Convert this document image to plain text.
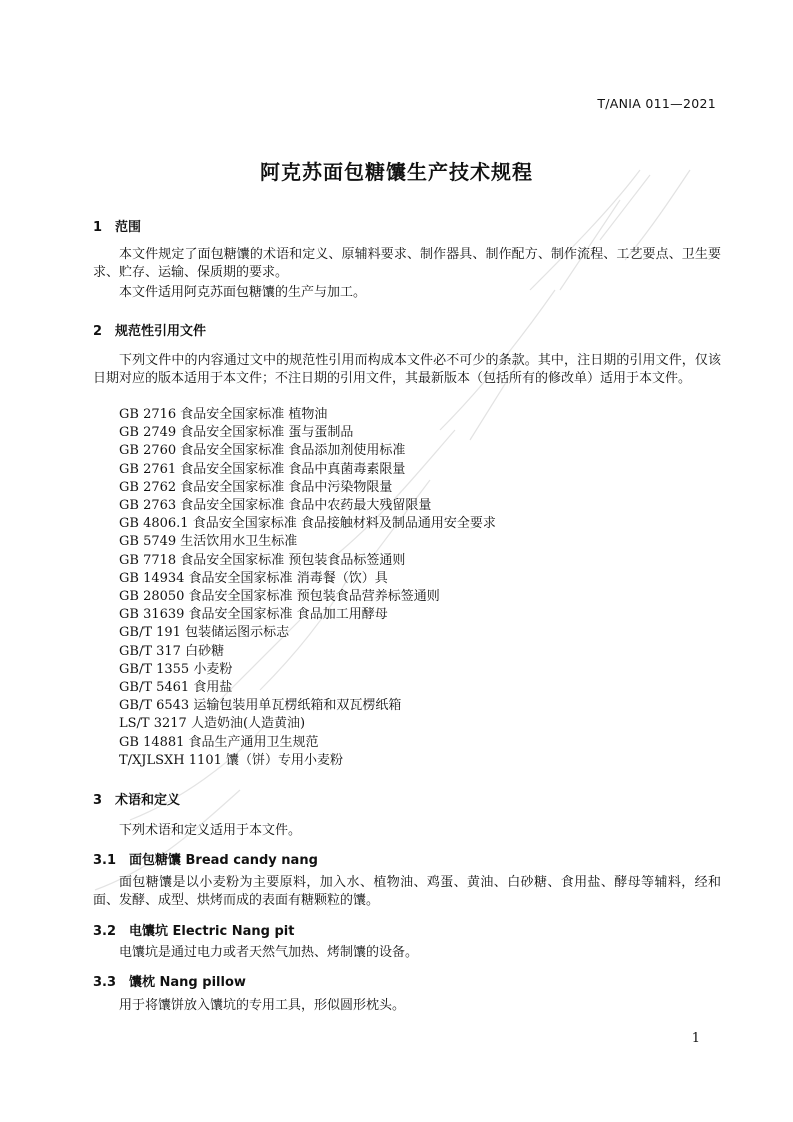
T/ANIA 011—2021
阿克苏面包糖馕生产技术规程
1 范围
本文件规定了面包糖馕的术语和定义、原辅料要求、制作器具、制作配方、制作流程、工艺要点、卫生要求、贮存、运输、保质期的要求。
本文件适用阿克苏面包糖馕的生产与加工。
2 规范性引用文件
下列文件中的内容通过文中的规范性引用而构成本文件必不可少的条款。其中，注日期的引用文件，仅该日期对应的版本适用于本文件；不注日期的引用文件，其最新版本（包括所有的修改单）适用于本文件。
GB 2716 食品安全国家标准 植物油
GB 2749 食品安全国家标准 蛋与蛋制品
GB 2760 食品安全国家标准 食品添加剂使用标准
GB 2761 食品安全国家标准 食品中真菌毒素限量
GB 2762 食品安全国家标准 食品中污染物限量
GB 2763 食品安全国家标准 食品中农药最大残留限量
GB 4806.1 食品安全国家标准 食品接触材料及制品通用安全要求
GB 5749 生活饮用水卫生标准
GB 7718 食品安全国家标准 预包装食品标签通则
GB 14934 食品安全国家标准 消毒餐（饮）具
GB 28050 食品安全国家标准 预包装食品营养标签通则
GB 31639 食品安全国家标准 食品加工用酵母
GB/T 191 包装储运图示标志
GB/T 317 白砂糖
GB/T 1355 小麦粉
GB/T 5461 食用盐
GB/T 6543 运输包装用单瓦楞纸箱和双瓦楞纸箱
LS/T 3217 人造奶油(人造黄油)
GB 14881 食品生产通用卫生规范
T/XJLSXH 1101 馕（饼）专用小麦粉
3 术语和定义
下列术语和定义适用于本文件。
3.1 面包糖馕 Bread candy nang
面包糖馕是以小麦粉为主要原料，加入水、植物油、鸡蛋、黄油、白砂糖、食用盐、酵母等辅料，经和面、发酵、成型、烘烤而成的表面有糖颗粒的馕。
3.2 电馕坑 Electric Nang pit
电馕坑是通过电力或者天然气加热、烤制馕的设备。
3.3 馕枕 Nang pillow
用于将馕饼放入馕坑的专用工具，形似圆形枕头。
1
